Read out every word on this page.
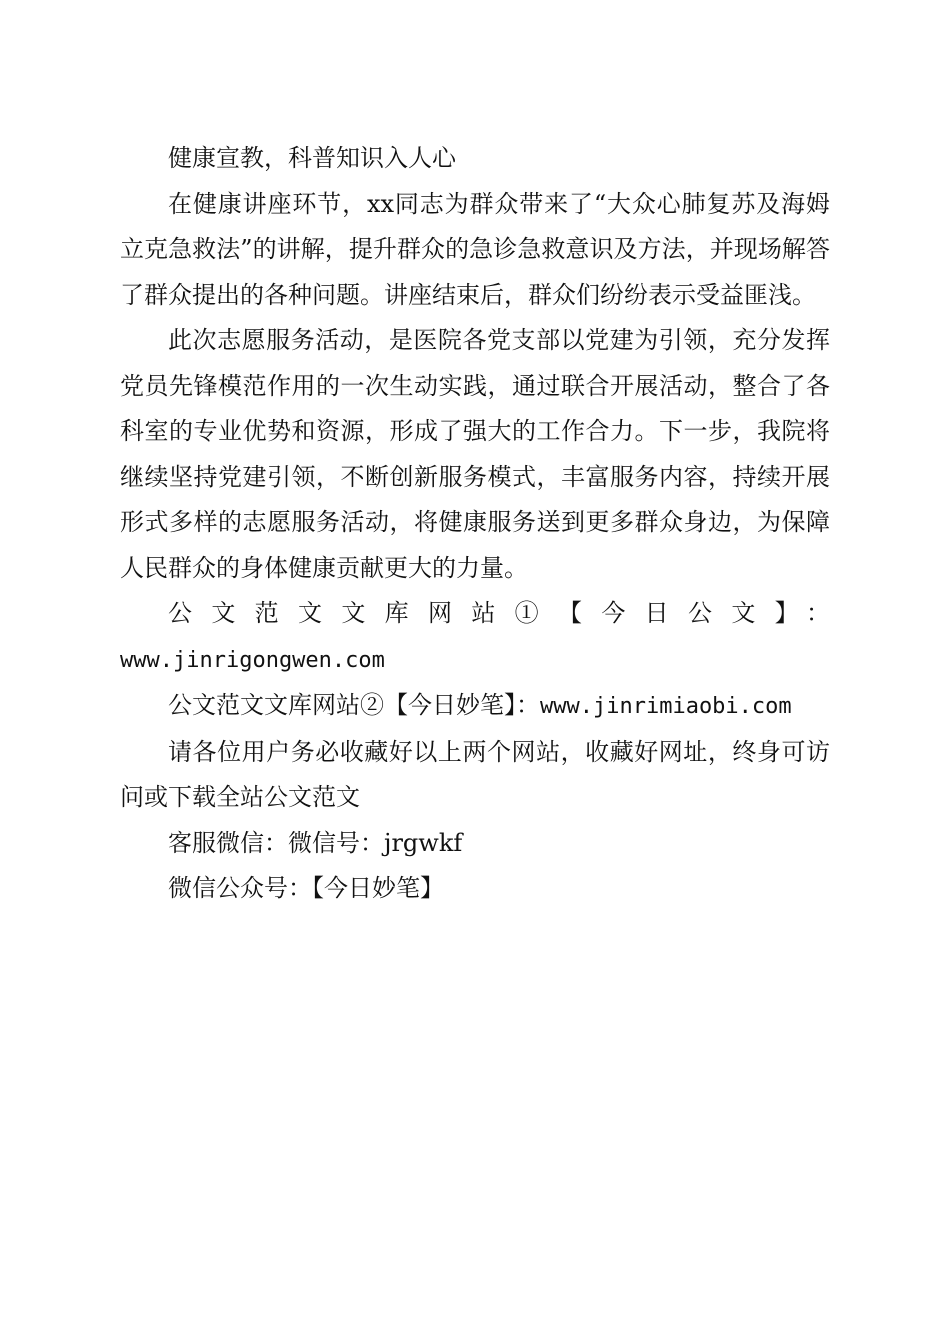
健康宣教，科普知识入人心

在健康讲座环节，xx同志为群众带来了“大众心肺复苏及海姆立克急救法”的讲解，提升群众的急诊急救意识及方法，并现场解答了群众提出的各种问题。讲座结束后，群众们纷纷表示受益匪浅。

此次志愿服务活动，是医院各党支部以党建为引领，充分发挥党员先锋模范作用的一次生动实践，通过联合开展活动，整合了各科室的专业优势和资源，形成了强大的工作合力。下一步，我院将继续坚持党建引领，不断创新服务模式，丰富服务内容，持续开展形式多样的志愿服务活动，将健康服务送到更多群众身边，为保障人民群众的身体健康贡献更大的力量。

公文范文文库网站①【今日公文】：

www.jinrigongwen.com

公文范文文库网站②【今日妙笔】：www.jinrimiaobi.com

请各位用户务必收藏好以上两个网站，收藏好网址，终身可访问或下载全站公文范文

客服微信：微信号：jrgwkf

微信公众号：【今日妙笔】
